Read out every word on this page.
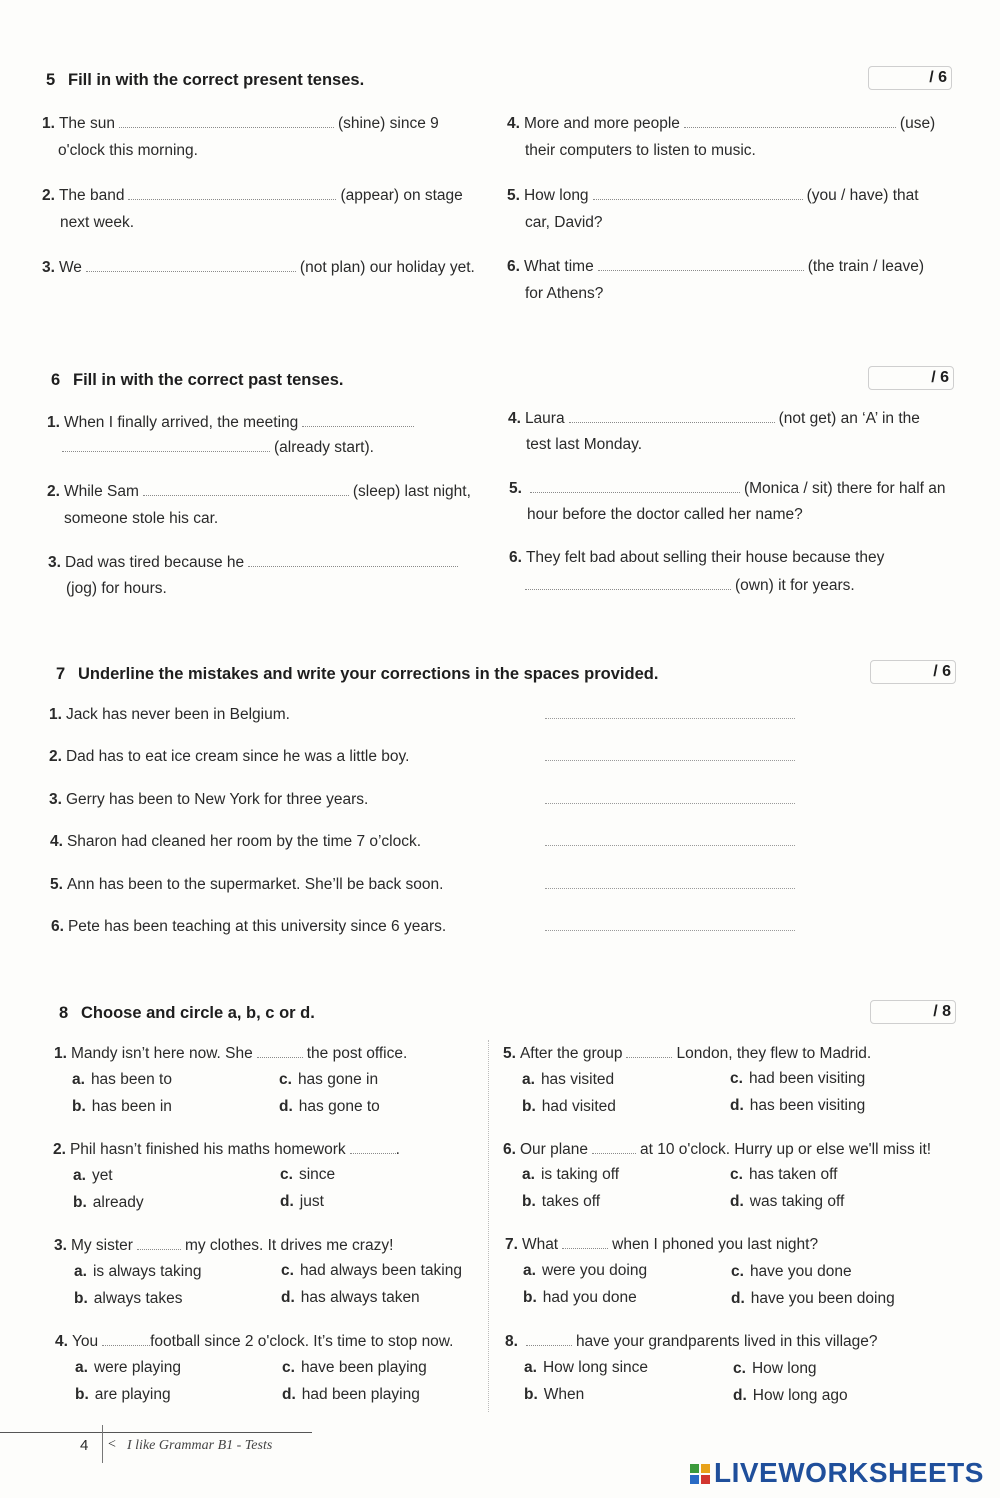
5 Fill in with the correct present tenses.	/ 6
1. The sun	(shine) since 9
o'clock this morning.
2. The band	(appear) on stage
next week.
3. We	(not plan) our holiday yet.
4. More and more people	(use)
their computers to listen to music.
5. How long	(you / have) that
car, David?
6. What time	(the train / leave)
for Athens?
6 Fill in with the correct past tenses.	/ 6
1. When I finally arrived, the meeting
(already start).
2. While Sam	(sleep) last night,
someone stole his car.
3. Dad was tired because he
(jog) for hours.
4. Laura	(not get) an ‘A’ in the
test last Monday.
5.	(Monica / sit) there for half an
hour before the doctor called her name?
6. They felt bad about selling their house because they
(own) it for years.
7 Underline the mistakes and write your corrections in the spaces provided.	/ 6
1. Jack has never been in Belgium.
2. Dad has to eat ice cream since he was a little boy.
3. Gerry has been to New York for three years.
4. Sharon had cleaned her room by the time 7 o’clock.
5. Ann has been to the supermarket. She’ll be back soon.
6. Pete has been teaching at this university since 6 years.
8 Choose and circle a, b, c or d.	/ 8
1. Mandy isn’t here now. She	the post office.
a. has been to
b. has been in
c. has gone in
d. has gone to
2. Phil hasn’t finished his maths homework	.
a. yet
b. already
c. since
d. just
3. My sister	my clothes. It drives me crazy!
a. is always taking
b. always takes
c. had always been taking
d. has always taken
4. You	football since 2 o'clock. It’s time to stop now.
a. were playing
b. are playing
c. have been playing
d. had been playing
5. After the group	London, they flew to Madrid.
a. has visited
b. had visited
c. had been visiting
d. has been visiting
6. Our plane	at 10 o'clock. Hurry up or else we'll miss it!
a. is taking off
b. takes off
c. has taken off
d. was taking off
7. What	when I phoned you last night?
a. were you doing
b. had you done
c. have you done
d. have you been doing
8.	have your grandparents lived in this village?
a. How long since
b. When
c. How long
d. How long ago
4 < I like Grammar B1 - Tests
LIVEWORKSHEETS
